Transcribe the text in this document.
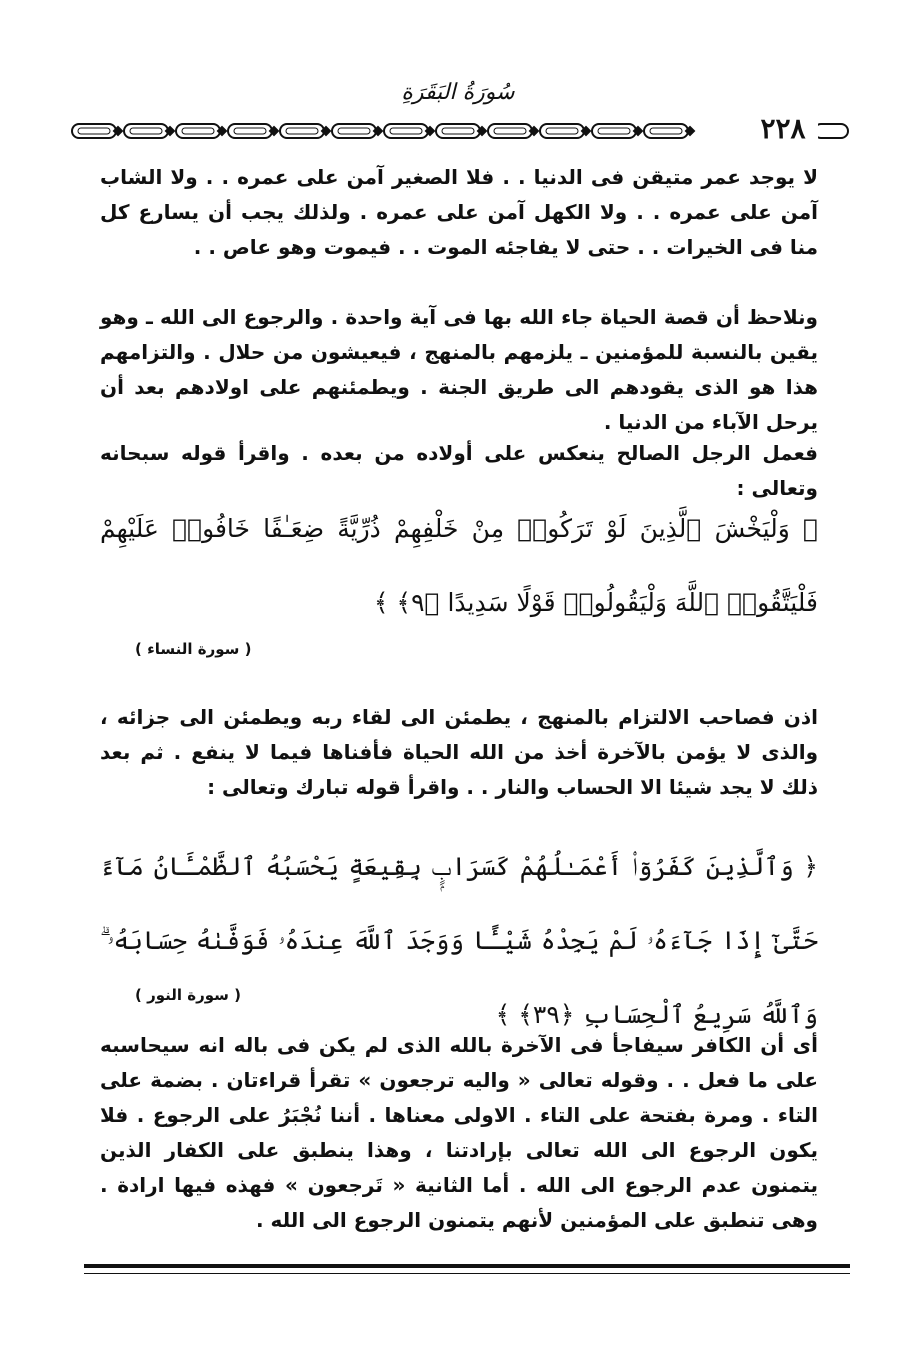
سُورَةُ البَقَرَةِ
٢٢٨

لا يوجد عمر متيقن فى الدنيا . . فلا الصغير آمن على عمره . . ولا الشاب آمن على عمره . . ولا الكهل آمن على عمره . ولذلك يجب أن يسارع كل منا فى الخيرات . . حتى لا يفاجئه الموت . . فيموت وهو عاص . .

ونلاحظ أن قصة الحياة جاء الله بها فى آية واحدة . والرجوع الى الله ـ وهو يقين بالنسبة للمؤمنين ـ يلزمهم بالمنهج ، فيعيشون من حلال . والتزامهم هذا هو الذى يقودهم الى طريق الجنة . ويطمئنهم على اولادهم بعد أن يرحل الآباء من الدنيا .

فعمل الرجل الصالح ينعكس على أولاده من بعده . واقرأ قوله سبحانه وتعالى :

﴿ وَلْيَخْشَ ٱلَّذِينَ لَوْ تَرَكُوا۟ مِنْ خَلْفِهِمْ ذُرِّيَّةً ضِعَـٰفًا خَافُوا۟ عَلَيْهِمْ فَلْيَتَّقُوا۟ ٱللَّهَ وَلْيَقُولُوا۟ قَوْلًا سَدِيدًا ﴿٩﴾ ﴾

( سورة النساء )

اذن فصاحب الالتزام بالمنهج ، يطمئن الى لقاء ربه ويطمئن الى جزائه ، والذى لا يؤمن بالآخرة أخذ من الله الحياة فأفناها فيما لا ينفع . ثم بعد ذلك لا يجد شيئا الا الحساب والنار . . واقرأ قوله تبارك وتعالى :

﴿ وَٱلَّذِينَ كَفَرُوٓا۟ أَعْمَـٰلُهُمْ كَسَرَابٍۭ بِقِيعَةٍ يَحْسَبُهُ ٱلظَّمْـَٔانُ مَآءً حَتَّىٰٓ إِذَا جَآءَهُۥ لَمْ يَجِدْهُ شَيْـًٔا وَوَجَدَ ٱللَّهَ عِندَهُۥ فَوَفَّىٰهُ حِسَابَهُۥ ۗ وَٱللَّهُ سَرِيعُ ٱلْحِسَابِ ﴿٣٩﴾ ﴾

( سورة النور )

أى أن الكافر سيفاجأ فى الآخرة بالله الذى لم يكن فى باله انه سيحاسبه على ما فعل . . وقوله تعالى « واليه ترجعون » تقرأ قراءتان . بضمة على التاء . ومرة بفتحة على التاء . الاولى معناها . أننا نُجْبَرُ على الرجوع . فلا يكون الرجوع الى الله تعالى بإرادتنا ، وهذا ينطبق على الكفار الذين يتمنون عدم الرجوع الى الله . أما الثانية « تَرجعون » فهذه فيها ارادة . وهى تنطبق على المؤمنين لأنهم يتمنون الرجوع الى الله .
